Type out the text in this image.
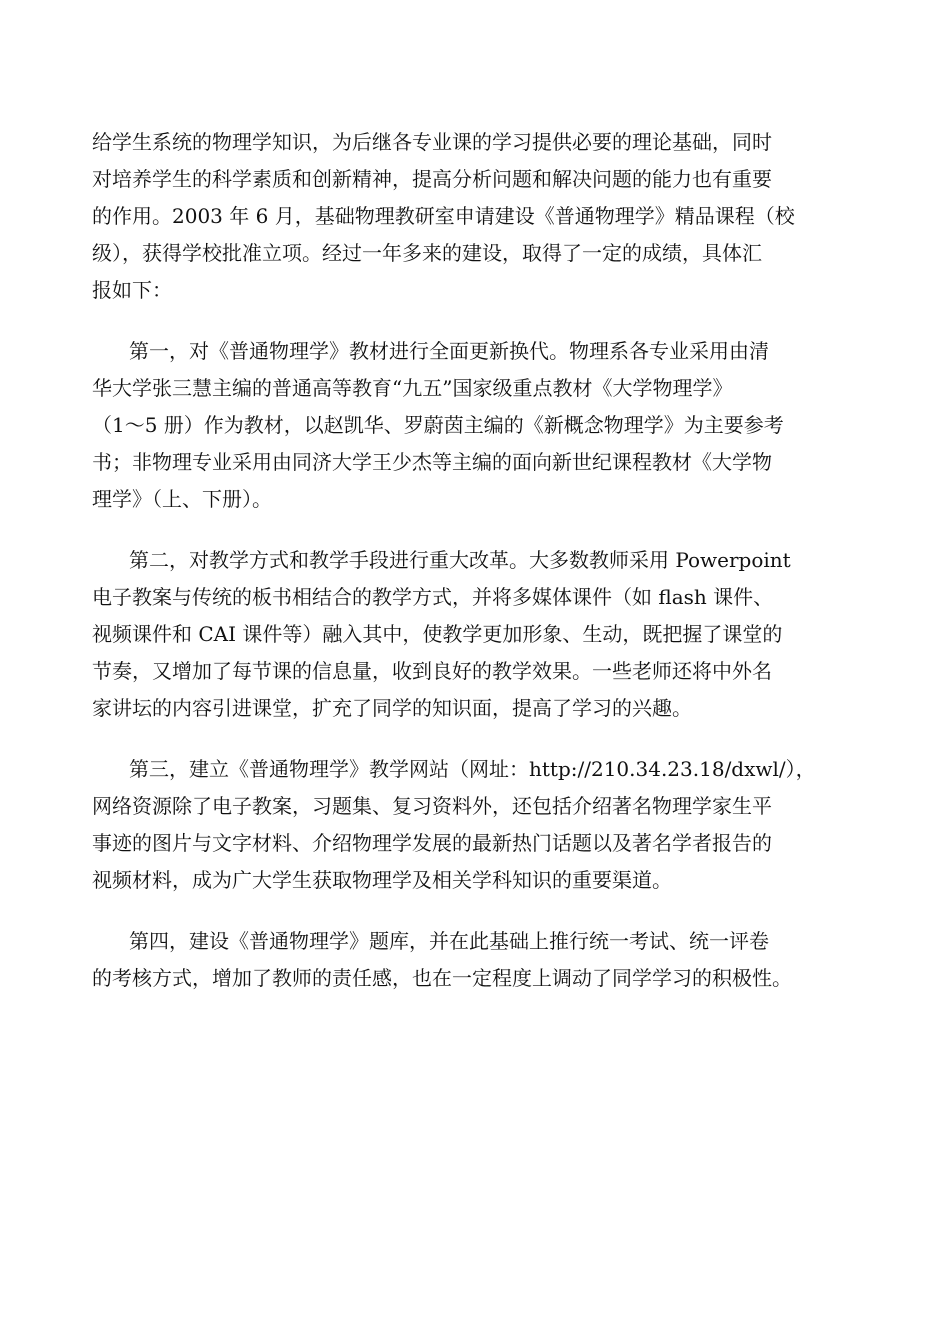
给学生系统的物理学知识，为后继各专业课的学习提供必要的理论基础，同时
对培养学生的科学素质和创新精神，提高分析问题和解决问题的能力也有重要
的作用。2003 年 6 月，基础物理教研室申请建设《普通物理学》精品课程（校
级），获得学校批准立项。经过一年多来的建设，取得了一定的成绩，具体汇
报如下：

第一，对《普通物理学》教材进行全面更新换代。物理系各专业采用由清
华大学张三慧主编的普通高等教育“九五”国家级重点教材《大学物理学》
（1～5 册）作为教材，以赵凯华、罗蔚茵主编的《新概念物理学》为主要参考
书；非物理专业采用由同济大学王少杰等主编的面向新世纪课程教材《大学物
理学》（上、下册）。

第二，对教学方式和教学手段进行重大改革。大多数教师采用 Powerpoint
电子教案与传统的板书相结合的教学方式，并将多媒体课件（如 flash 课件、
视频课件和 CAI 课件等）融入其中，使教学更加形象、生动，既把握了课堂的
节奏，又增加了每节课的信息量，收到良好的教学效果。一些老师还将中外名
家讲坛的内容引进课堂，扩充了同学的知识面，提高了学习的兴趣。

第三，建立《普通物理学》教学网站（网址：http://210.34.23.18/dxwl/），
网络资源除了电子教案，习题集、复习资料外，还包括介绍著名物理学家生平
事迹的图片与文字材料、介绍物理学发展的最新热门话题以及著名学者报告的
视频材料，成为广大学生获取物理学及相关学科知识的重要渠道。

第四，建设《普通物理学》题库，并在此基础上推行统一考试、统一评卷
的考核方式，增加了教师的责任感，也在一定程度上调动了同学学习的积极性。
